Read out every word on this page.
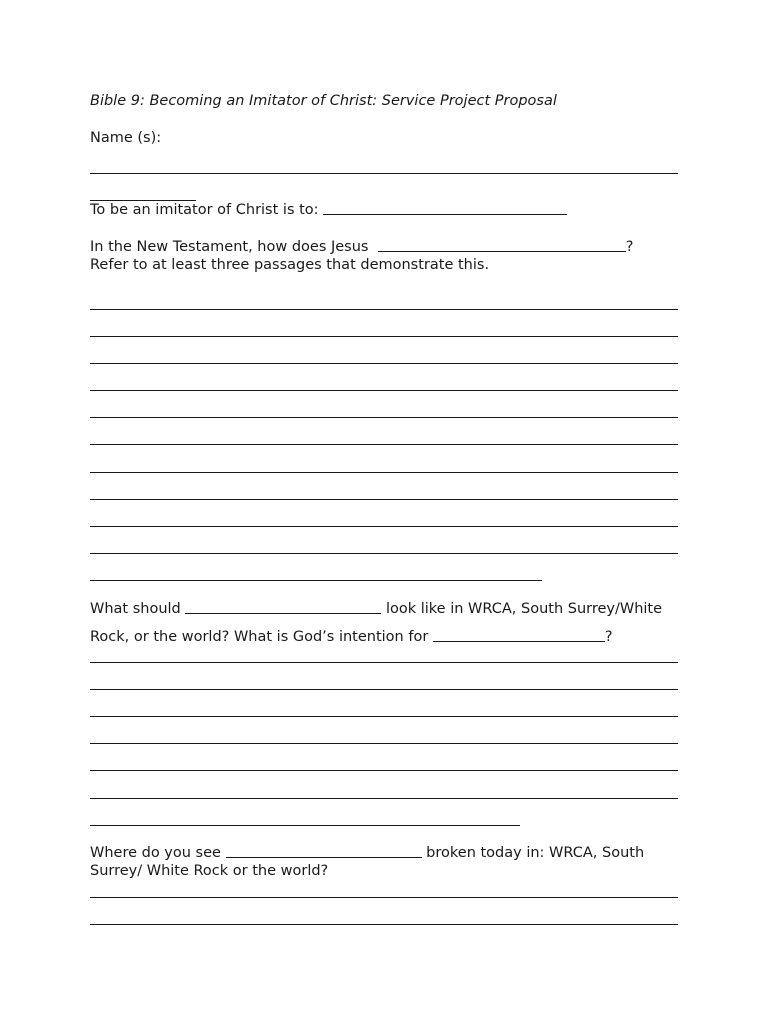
Bible 9: Becoming an Imitator of Christ: Service Project Proposal
Name (s):
To be an imitator of Christ is to:
In the New Testament, how does Jesus	?
Refer to at least three passages that demonstrate this.
What should	look like in WRCA, South Surrey/White
Rock, or the world? What is God’s intention for	?
Where do you see	broken today in: WRCA, South
Surrey/ White Rock or the world?
